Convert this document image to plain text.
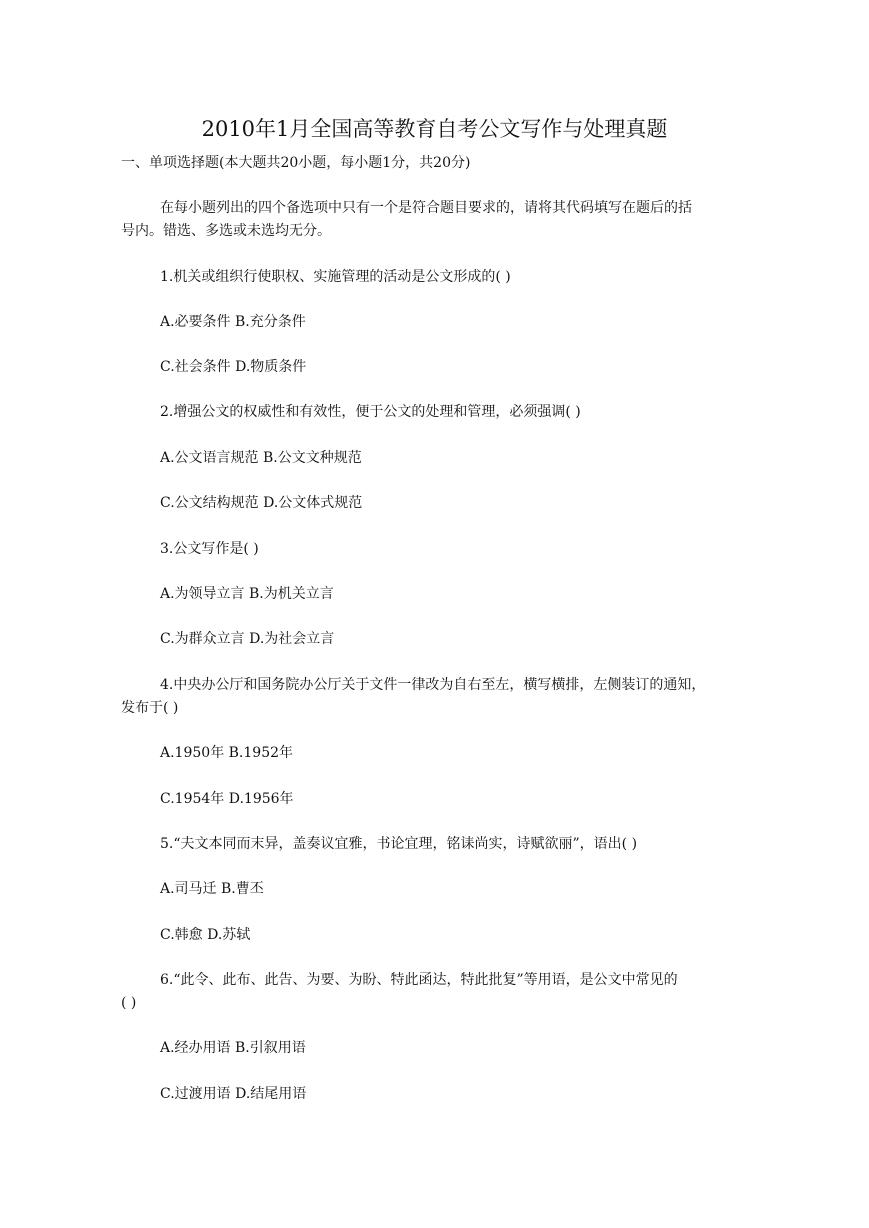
2010年1月全国高等教育自考公文写作与处理真题
一、单项选择题(本大题共20小题，每小题1分，共20分)
在每小题列出的四个备选项中只有一个是符合题目要求的，请将其代码填写在题后的括
号内。错选、多选或未选均无分。
1.机关或组织行使职权、实施管理的活动是公文形成的( )
A.必要条件 B.充分条件
C.社会条件 D.物质条件
2.增强公文的权威性和有效性，便于公文的处理和管理，必须强调( )
A.公文语言规范 B.公文文种规范
C.公文结构规范 D.公文体式规范
3.公文写作是( )
A.为领导立言 B.为机关立言
C.为群众立言 D.为社会立言
4.中央办公厅和国务院办公厅关于文件一律改为自右至左，横写横排，左侧装订的通知，
发布于( )
A.1950年 B.1952年
C.1954年 D.1956年
5.“夫文本同而末异，盖奏议宜雅，书论宜理，铭诔尚实，诗赋欲丽”，语出( )
A.司马迁 B.曹丕
C.韩愈 D.苏轼
6.“此令、此布、此告、为要、为盼、特此函达，特此批复”等用语，是公文中常见的
( )
A.经办用语 B.引叙用语
C.过渡用语 D.结尾用语
